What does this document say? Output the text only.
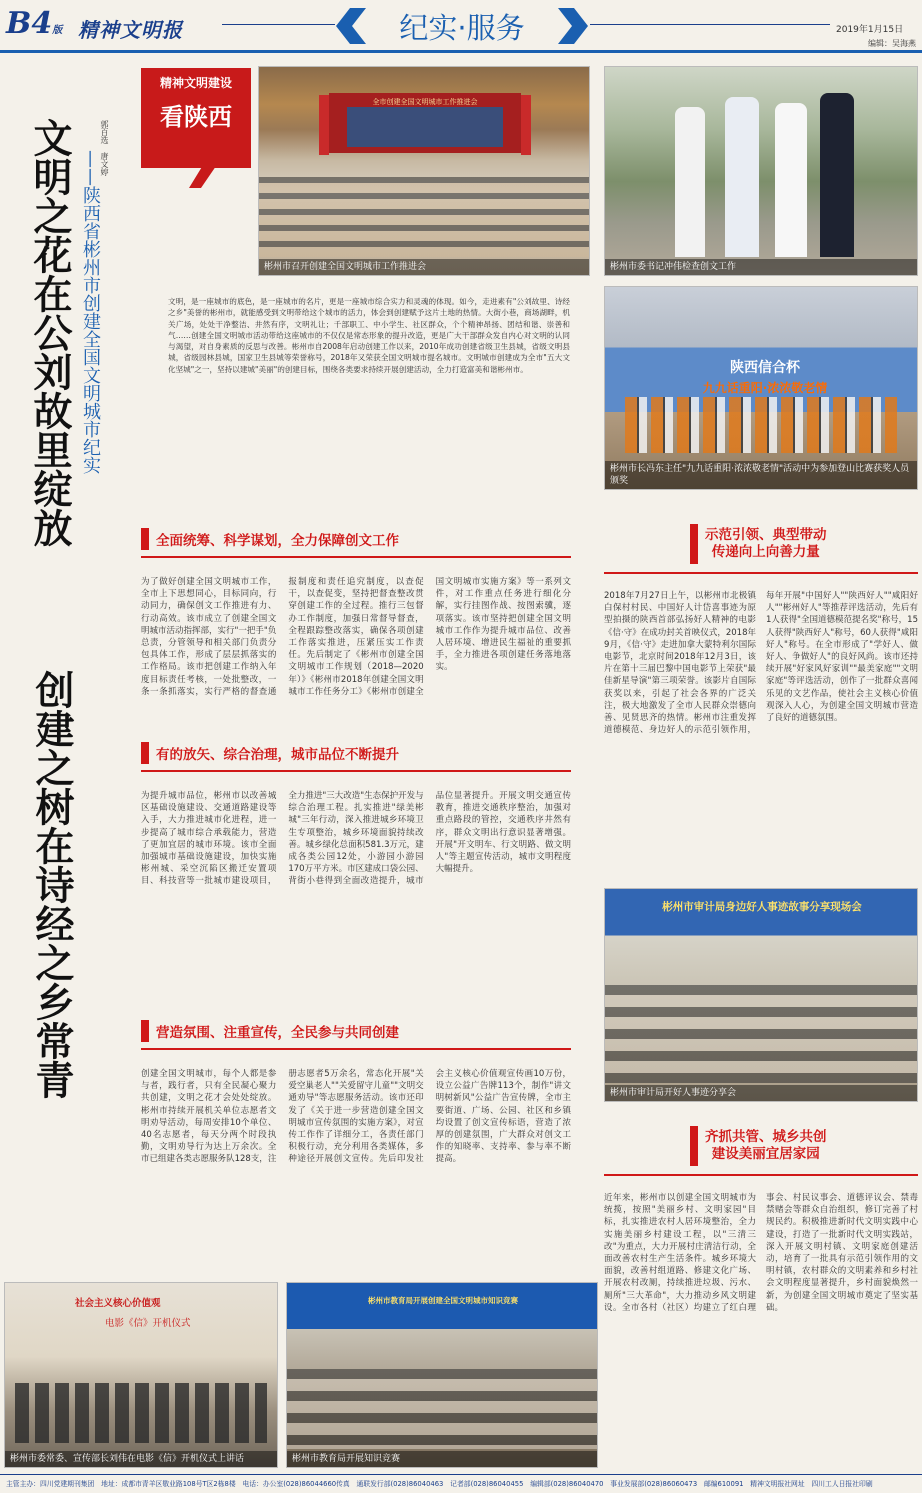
B4版 精神文明报	纪实·服务	2019年1月15日
编辑：吴海燕
精神文明建设
看陕西
文明之花在公刘故里绽放 ——陕西省彬州市创建全国文明城市纪实
郭百选　唐文婷
创建之树在诗经之乡常青
全市创建全国文明城市工作推进会
彬州市召开创建全国文明城市工作推进会	彬州市委书记冲伟检查创文工作
文明，是一座城市的底色，是一座城市的名片，更是一座城市综合实力和灵魂的体现。如今，走进素有"公刘故里、诗经之乡"美誉的彬州市，就能感受到文明带给这个城市的活力，体会到创建赋予这片土地的热情。大街小巷，商场湖畔，机关广场，处处干净整洁、井然有序，文明礼让；千部职工、中小学生、社区群众，个个精神昂扬、团结和谐、崇善和气……创建全国文明城市活动带给这座城市的不仅仅是常态形象的提升改造，更是广大干部群众发自内心对文明的认同与渴望，对自身素质的反思与改善。彬州市自2008年启动创建工作以来，2010年成功创建省级卫生县城，省级文明县城，省级园林县城，国家卫生县城等荣誉称号，2018年又荣获全国文明城市提名城市。文明城市创建成为全市"五大文化坚城"之一，坚持以建城"美丽"的创建目标，围绕各类要求持续开展创建活动，全力打造富美和谐彬州市。	陕西信合杯
九九话重阳·浓浓敬老情
彬州市长冯东主任"九九话重阳·浓浓敬老情"活动中为参加登山比赛获奖人员颁奖
全面统筹、科学谋划，全力保障创文工作
为了做好创建全国文明城市工作，全市上下思想同心，目标同向，行动同力，确保创文工作推进有力、行动高效。该市成立了创建全国文明城市活动指挥部，实行"一把手"负总责，分管领导和相关部门负责分包具体工作，形成了层层抓落实的工作格局。该市把创建工作纳入年度目标责任考核，一处批整改，一条一条抓落实，实行严格的督查通报制度和责任追究制度，以查促干，以查促变，坚持把督查整改贯穿创建工作的全过程。推行三包督办工作制度，加强日常督导督查，全程跟踪整改落实，确保各项创建工作落实推进，压紧压实工作责任。先后制定了《彬州市创建全国文明城市工作规划（2018—2020年）》《彬州市2018年创建全国文明城市工作任务分工》《彬州市创建全国文明城市实施方案》等一系列文件，对工作重点任务进行细化分解，实行挂图作战、按图索骥，逐项落实。该市坚持把创建全国文明城市工作作为提升城市品位、改善人居环境、增进民生福祉的重要抓手，全力推进各项创建任务落地落实。
有的放矢、综合治理，城市品位不断提升
为提升城市品位，彬州市以改善城区基础设施建设、交通道路建设等入手，大力推进城市化进程，进一步提高了城市综合承载能力，营造了更加宜居的城市环境。该市全面加强城市基础设施建设，加快实施彬州城、采空沉陷区搬迁安置项目、科技营等一批城市建设项目，全力推进"三大改造"生态保护开发与综合治理工程。扎实推进"绿美彬城"三年行动，深入推进城乡环境卫生专项整治，城乡环境面貌持续改善。城乡绿化总面积581.3万元，建成各类公园12处，小游园小游园170万平方米。市区建成口袋公园、背街小巷得到全面改造提升，城市品位显著提升。开展文明交通宣传教育，推进交通秩序整治，加强对重点路段的管控，交通秩序井然有序，群众文明出行意识显著增强。开展"开文明车、行文明路、做文明人"等主题宣传活动，城市文明程度大幅提升。
营造氛围、注重宣传，全民参与共同创建
创建全国文明城市，每个人都是参与者，践行者，只有全民凝心聚力共创建，文明之花才会处处绽放。彬州市持续开展机关单位志愿者文明劝导活动，每周安排10个单位、40名志愿者，每天分两个时段执勤，文明劝导行为达上万余次。全市已组建各类志愿服务队128支，注册志愿者5万余名，常态化开展"关爱空巢老人""关爱留守儿童""文明交通劝导"等志愿服务活动。该市还印发了《关于进一步营造创建全国文明城市宣传氛围的实施方案》，对宣传工作作了详细分工，各责任部门积极行动，充分利用各类媒体，多种途径开展创文宣传。先后印发社会主义核心价值观宣传画10万份，设立公益广告牌113个，制作"讲文明树新风"公益广告宣传牌，全市主要街道、广场、公园、社区和乡镇均设置了创文宣传标语，营造了浓厚的创建氛围，广大群众对创文工作的知晓率、支持率、参与率不断提高。
示范引领、典型带动
传递向上向善力量
2018年7月27日上午，以彬州市北极镇白保村村民、中国好人计岱喜事迹为原型拍摄的陕西首部弘扬好人精神的电影《信·守》在成功封关首映仪式，2018年9月，《信·守》走进加拿大蒙特利尔国际电影节，北京时间2018年12月3日，该片在第十三届巴黎中国电影节上荣获"最佳新星导演"第三项荣誉。该影片自国际获奖以来，引起了社会各界的广泛关注，极大地激发了全市人民群众崇德向善、见贤思齐的热情。彬州市注重发挥道德模范、身边好人的示范引领作用，每年开展"中国好人""陕西好人""咸阳好人""彬州好人"等推荐评选活动，先后有1人获得"全国道德模范提名奖"称号，15人获得"陕西好人"称号，60人获得"咸阳好人"称号。在全市形成了"学好人、做好人、争做好人"的良好风尚。该市还持续开展"好家风好家训""最美家庭""文明家庭"等评选活动，创作了一批群众喜闻乐见的文艺作品，使社会主义核心价值观深入人心，为创建全国文明城市营造了良好的道德氛围。
彬州市审计局身边好人事迹故事分享现场会
彬州市审计局开好人事迹分享会
齐抓共管、城乡共创
建设美丽宜居家园
近年来，彬州市以创建全国文明城市为统揽，按照"美丽乡村、文明家园"目标，扎实推进农村人居环境整治，全力实施美丽乡村建设工程，以"三清三改"为重点，大力开展村庄清洁行动，全面改善农村生产生活条件。城乡环境大面貌，改善村组道路、修建文化广场、开展农村改厕，持续推进垃圾、污水、厕所"三大革命"，大力推动乡风文明建设。全市各村（社区）均建立了红白理事会、村民议事会、道德评议会、禁毒禁赌会等群众自治组织，修订完善了村规民约。积极推进新时代文明实践中心建设，打造了一批新时代文明实践站，深入开展文明村镇、文明家庭创建活动，培育了一批具有示范引领作用的文明村镇，农村群众的文明素养和乡村社会文明程度显著提升，乡村面貌焕然一新，为创建全国文明城市奠定了坚实基础。
社会主义核心价值观
电影《信》开机仪式
彬州市委常委、宣传部长刘伟在电影《信》开机仪式上讲话
彬州市教育局开展创建全国文明城市知识竞赛
彬州市教育局开展知识竞赛
主管主办：四川党建期刊集团　地址：成都市青羊区敬业路108号T区2栋8楼　电话：办公室(028)86044660传真　通联发行部(028)86040463　记者部(028)86040455　编辑部(028)86040470　事业发展部(028)86060473　邮编610091　精神文明报社网址　四川工人日报社印刷
